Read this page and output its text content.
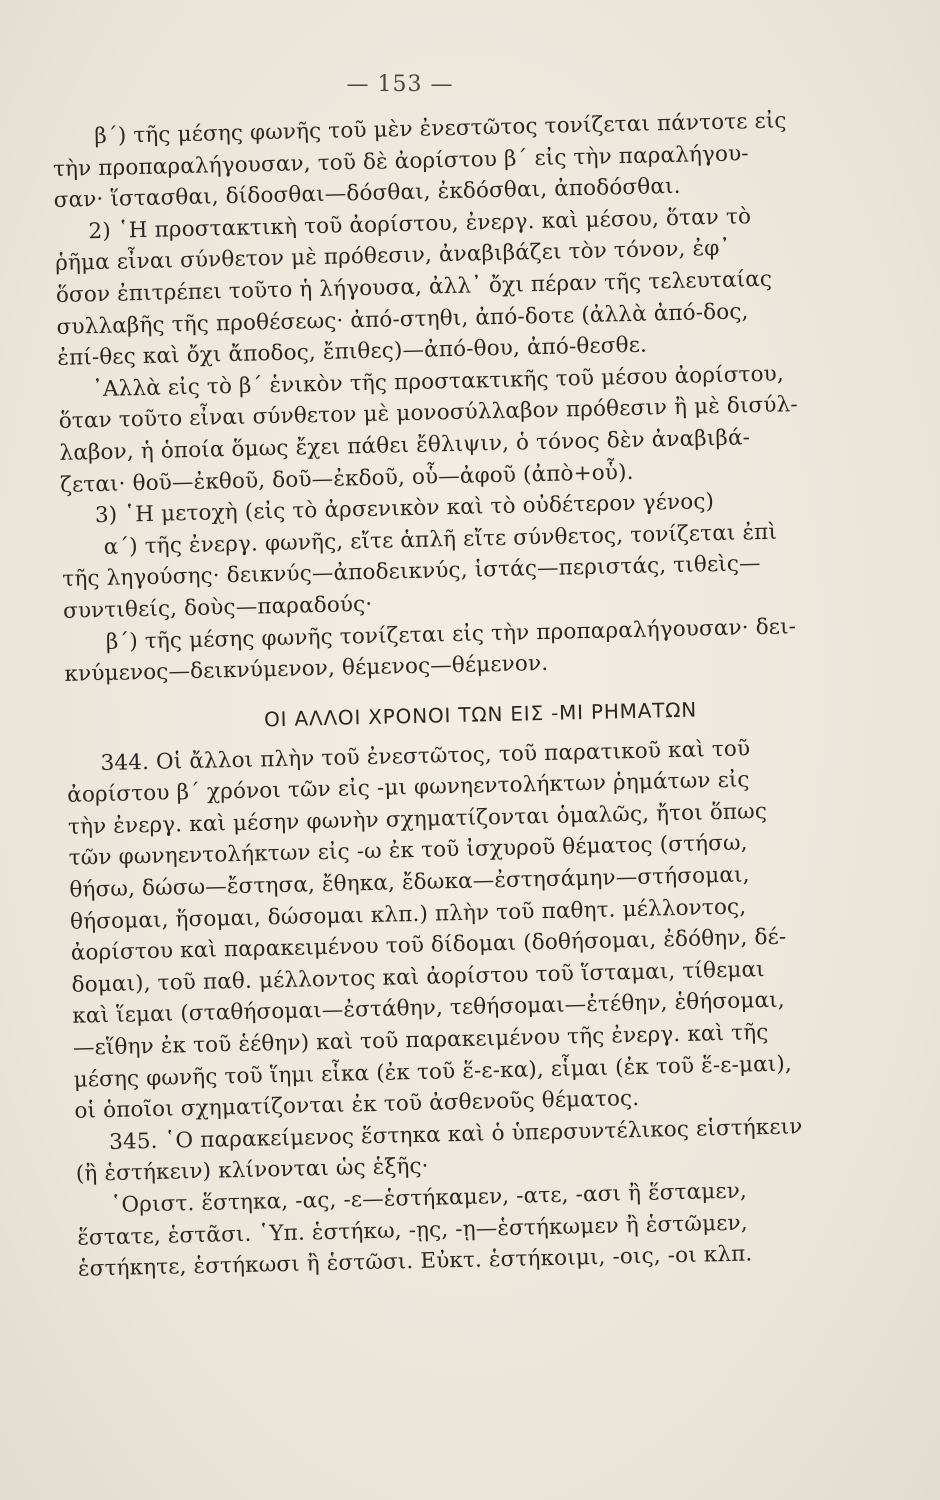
— 153 —
β΄) τῆς μέσης φωνῆς τοῦ μὲν ἐνεστῶτος τονίζεται πάντοτε εἰς
τὴν προπαραλήγουσαν, τοῦ δὲ ἀορίστου β΄ εἰς τὴν παραλήγου-
σαν· ἵστασθαι, δίδοσθαι—δόσθαι, ἐκδόσθαι, ἀποδόσθαι.
2) ῾Η προστακτικὴ τοῦ ἀορίστου, ἐνεργ. καὶ μέσου, ὅταν τὸ
ῥῆμα εἶναι σύνθετον μὲ πρόθεσιν, ἀναβιβάζει τὸν τόνον, ἐφ᾽
ὅσον ἐπιτρέπει τοῦτο ἡ λήγουσα, ἀλλ᾽ ὄχι πέραν τῆς τελευταίας
συλλαβῆς τῆς προθέσεως· ἀπό-στηθι, ἀπό-δοτε (ἀλλὰ ἀπό-δος,
ἐπί-θες καὶ ὄχι ἄποδος, ἔπιθες)—ἀπό-θου, ἀπό-θεσθε.
᾽Αλλὰ εἰς τὸ β΄ ἑνικὸν τῆς προστακτικῆς τοῦ μέσου ἀορίστου,
ὅταν τοῦτο εἶναι σύνθετον μὲ μονοσύλλαβον πρόθεσιν ἢ μὲ δισύλ-
λαβον, ἡ ὁποία ὅμως ἔχει πάθει ἔθλιψιν, ὁ τόνος δὲν ἀναβιβά-
ζεται· θοῦ—ἐκθοῦ, δοῦ—ἐκδοῦ, οὗ—ἀφοῦ (ἀπὸ+οὗ).
3) ῾Η μετοχὴ (εἰς τὸ ἀρσενικὸν καὶ τὸ οὐδέτερον γένος)
α΄) τῆς ἐνεργ. φωνῆς, εἴτε ἁπλῆ εἴτε σύνθετος, τονίζεται ἐπὶ
τῆς ληγούσης· δεικνύς—ἀποδεικνύς, ἱστάς—περιστάς, τιθεὶς—
συντιθείς, δοὺς—παραδούς·
β΄) τῆς μέσης φωνῆς τονίζεται εἰς τὴν προπαραλήγουσαν· δει-
κνύμενος—δεικνύμενον, θέμενος—θέμενον.
ΟΙ ΑΛΛΟΙ ΧΡΟΝΟΙ ΤΩΝ ΕΙΣ -ΜΙ ΡΗΜΑΤΩΝ
344. Οἱ ἄλλοι πλὴν τοῦ ἐνεστῶτος, τοῦ παρατικοῦ καὶ τοῦ
ἀορίστου β΄ χρόνοι τῶν εἰς -μι φωνηεντολήκτων ῥημάτων εἰς
τὴν ἐνεργ. καὶ μέσην φωνὴν σχηματίζονται ὁμαλῶς, ἤτοι ὅπως
τῶν φωνηεντολήκτων εἰς -ω ἐκ τοῦ ἰσχυροῦ θέματος (στήσω,
θήσω, δώσω—ἔστησα, ἔθηκα, ἔδωκα—ἐστησάμην—στήσομαι,
θήσομαι, ἥσομαι, δώσομαι κλπ.) πλὴν τοῦ παθητ. μέλλοντος,
ἀορίστου καὶ παρακειμένου τοῦ δίδομαι (δοθήσομαι, ἐδόθην, δέ-
δομαι), τοῦ παθ. μέλλοντος καὶ ἀορίστου τοῦ ἵσταμαι, τίθεμαι
καὶ ἵεμαι (σταθήσομαι—ἐστάθην, τεθήσομαι—ἐτέθην, ἑθήσομαι,
—εἵθην ἐκ τοῦ ἑέθην) καὶ τοῦ παρακειμένου τῆς ἐνεργ. καὶ τῆς
μέσης φωνῆς τοῦ ἵημι εἷκα (ἐκ τοῦ ἕ-ε-κα), εἷμαι (ἐκ τοῦ ἕ-ε-μαι),
οἱ ὁποῖοι σχηματίζονται ἐκ τοῦ ἀσθενοῦς θέματος.
345. ῾Ο παρακείμενος ἕστηκα καὶ ὁ ὑπερσυντέλικος εἱστήκειν
(ἢ ἑστήκειν) κλίνονται ὡς ἑξῆς·
῾Οριστ. ἕστηκα, -ας, -ε—ἑστήκαμεν, -ατε, -ασι ἢ ἕσταμεν,
ἕστατε, ἑστᾶσι. ῾Υπ. ἑστήκω, -ῃς, -ῃ—ἑστήκωμεν ἢ ἑστῶμεν,
ἑστήκητε, ἑστήκωσι ἢ ἑστῶσι. Εὐκτ. ἑστήκοιμι, -οις, -οι κλπ.
